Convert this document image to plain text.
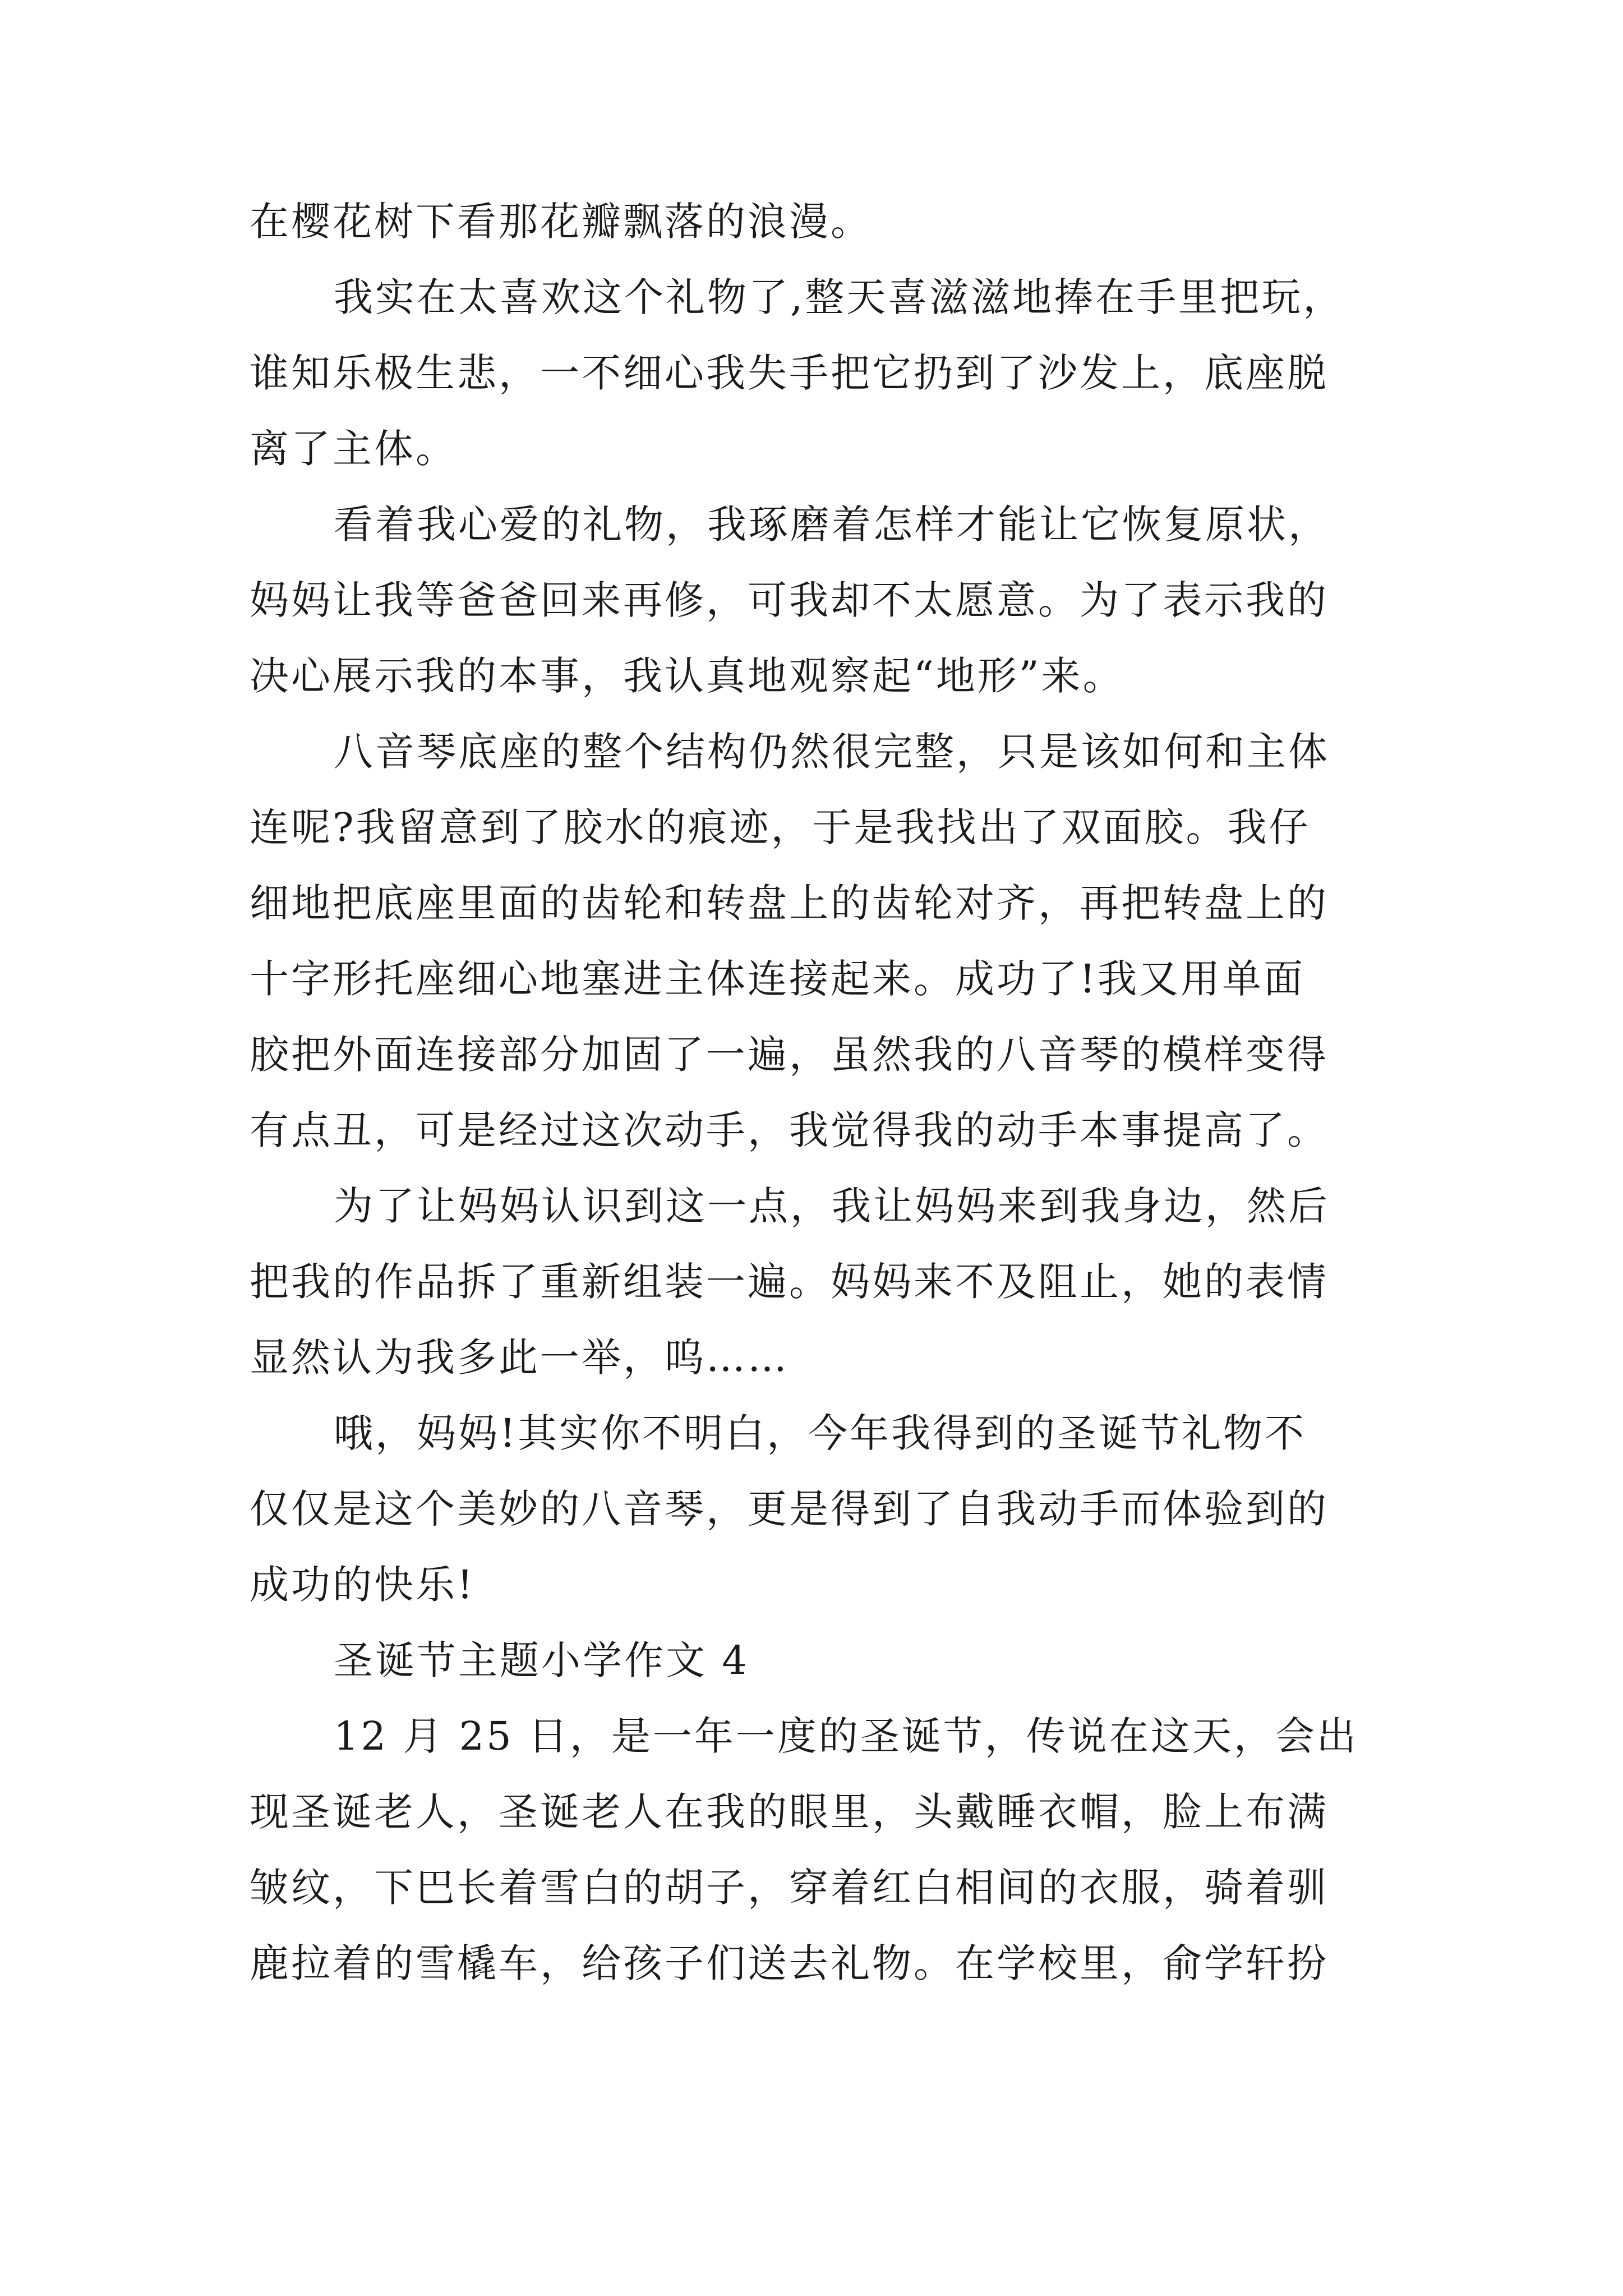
在樱花树下看那花瓣飘落的浪漫。
我实在太喜欢这个礼物了,整天喜滋滋地捧在手里把玩，
谁知乐极生悲，一不细心我失手把它扔到了沙发上，底座脱
离了主体。
看着我心爱的礼物，我琢磨着怎样才能让它恢复原状，
妈妈让我等爸爸回来再修，可我却不太愿意。为了表示我的
决心展示我的本事，我认真地观察起“地形”来。
八音琴底座的整个结构仍然很完整，只是该如何和主体
连呢?我留意到了胶水的痕迹，于是我找出了双面胶。我仔
细地把底座里面的齿轮和转盘上的齿轮对齐，再把转盘上的
十字形托座细心地塞进主体连接起来。成功了!我又用单面
胶把外面连接部分加固了一遍，虽然我的八音琴的模样变得
有点丑，可是经过这次动手，我觉得我的动手本事提高了。
为了让妈妈认识到这一点，我让妈妈来到我身边，然后
把我的作品拆了重新组装一遍。妈妈来不及阻止，她的表情
显然认为我多此一举，呜……
哦，妈妈!其实你不明白，今年我得到的圣诞节礼物不
仅仅是这个美妙的八音琴，更是得到了自我动手而体验到的
成功的快乐!
圣诞节主题小学作文 4
12 月 25 日，是一年一度的圣诞节，传说在这天，会出
现圣诞老人，圣诞老人在我的眼里，头戴睡衣帽，脸上布满
皱纹，下巴长着雪白的胡子，穿着红白相间的衣服，骑着驯
鹿拉着的雪橇车，给孩子们送去礼物。在学校里，俞学轩扮
